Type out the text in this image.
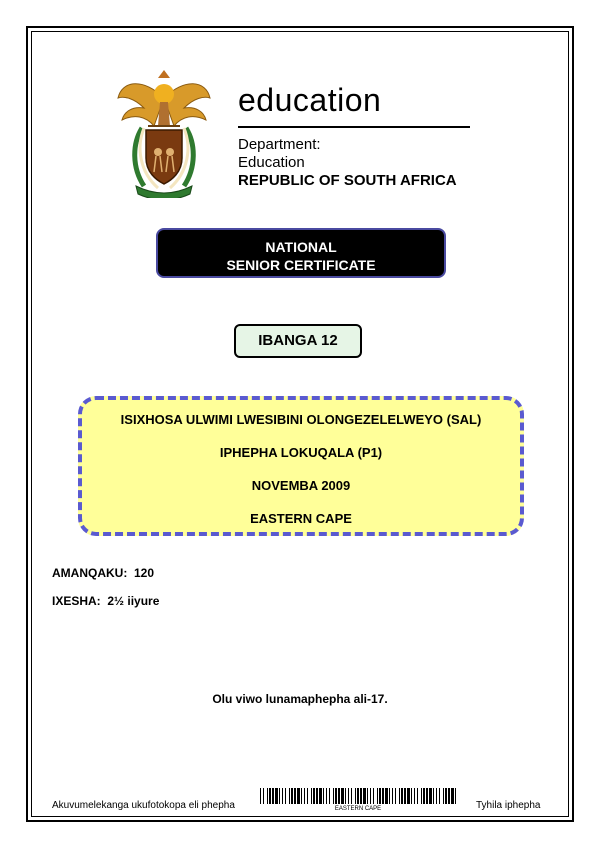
education
Department:
Education
REPUBLIC OF SOUTH AFRICA
NATIONAL
SENIOR CERTIFICATE
IBANGA 12
ISIXHOSA ULWIMI LWESIBINI OLONGEZELELWEYO (SAL)
IPHEPHA LOKUQALA (P1)
NOVEMBA 2009
EASTERN CAPE
AMANQAKU: 120
IXESHA: 2½ iiyure
Olu viwo lunamaphepha ali-17.
Akuvumelekanga ukufotokopa eli phepha	EASTERN CAPE	Tyhila iphepha
